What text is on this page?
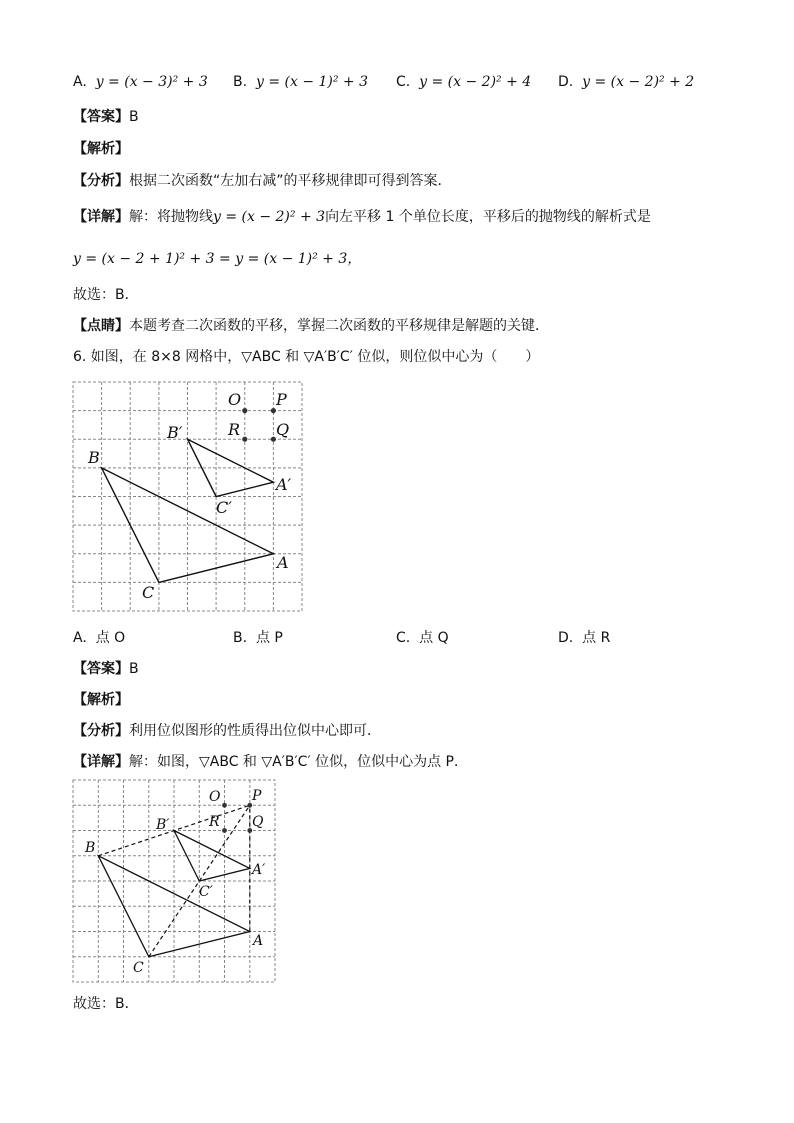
A. y = (x − 3)² + 3 B. y = (x − 1)² + 3 C. y = (x − 2)² + 4 D. y = (x − 2)² + 2
【答案】B
【解析】
【分析】根据二次函数“左加右减”的平移规律即可得到答案．
【详解】解：将抛物线y = (x − 2)² + 3向左平移 1 个单位长度，平移后的抛物线的解析式是
y = (x − 2 + 1)² + 3 = y = (x − 1)² + 3，
故选：B．
【点睛】本题考查二次函数的平移，掌握二次函数的平移规律是解题的关键．
6. 如图，在 8×8 网格中，▽ABC 和 ▽A′B′C′ 位似，则位似中心为（　　）
O P
R Q
B′
A′
C′
B
A
C
A. 点 O	B. 点 P	C. 点 Q	D. 点 R
【答案】B
【解析】
【分析】利用位似图形的性质得出位似中心即可．
【详解】解：如图，▽ABC 和 ▽A′B′C′ 位似，位似中心为点 P．
O P
R Q
B′
A′
C′
B
A
C
故选：B．
